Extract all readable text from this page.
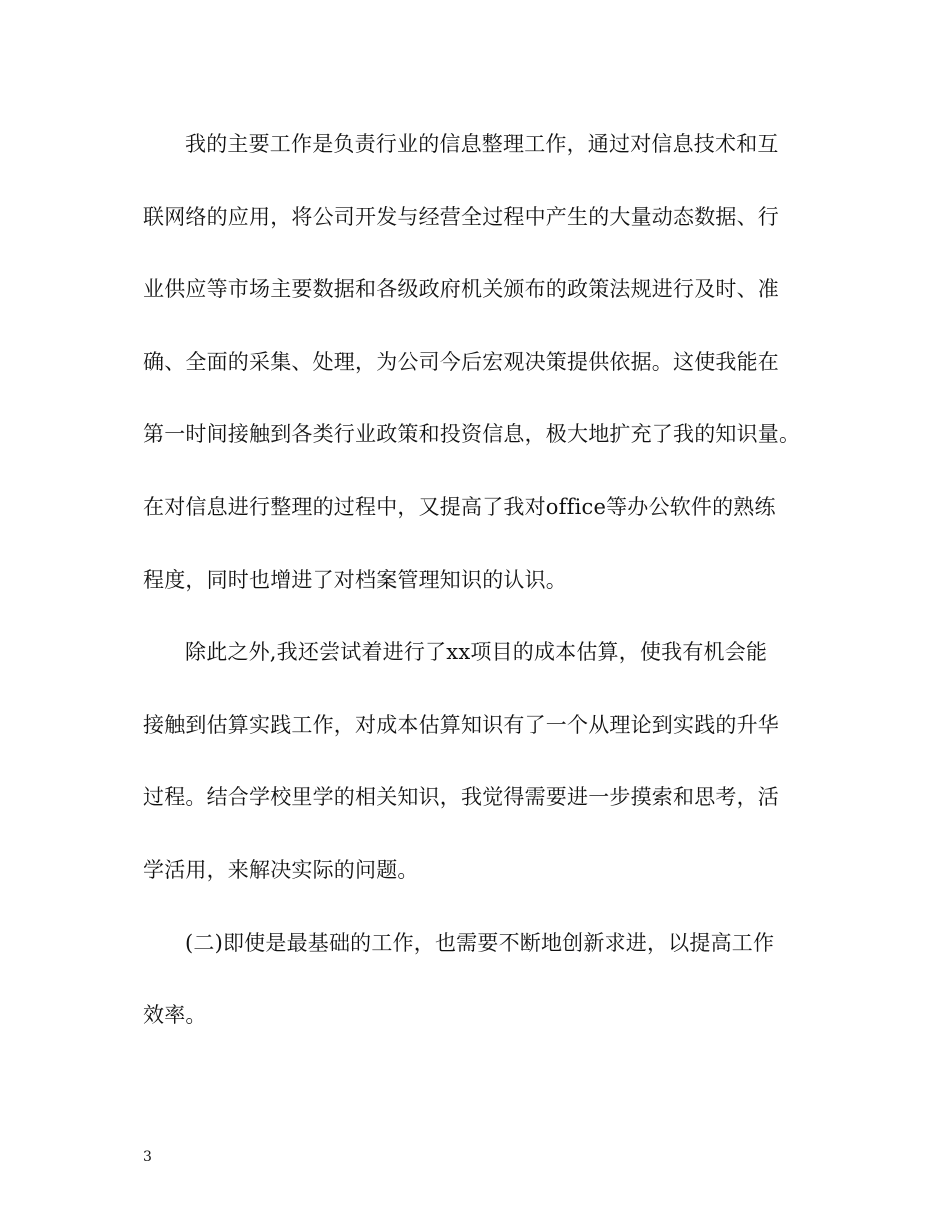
我的主要工作是负责行业的信息整理工作，通过对信息技术和互
联网络的应用，将公司开发与经营全过程中产生的大量动态数据、行
业供应等市场主要数据和各级政府机关颁布的政策法规进行及时、准
确、全面的采集、处理，为公司今后宏观决策提供依据。这使我能在
第一时间接触到各类行业政策和投资信息，极大地扩充了我的知识量。
在对信息进行整理的过程中，又提高了我对office等办公软件的熟练
程度，同时也增进了对档案管理知识的认识。
除此之外,我还尝试着进行了xx项目的成本估算，使我有机会能
接触到估算实践工作，对成本估算知识有了一个从理论到实践的升华
过程。结合学校里学的相关知识，我觉得需要进一步摸索和思考，活
学活用，来解决实际的问题。
(二)即使是最基础的工作，也需要不断地创新求进，以提高工作
效率。
3
